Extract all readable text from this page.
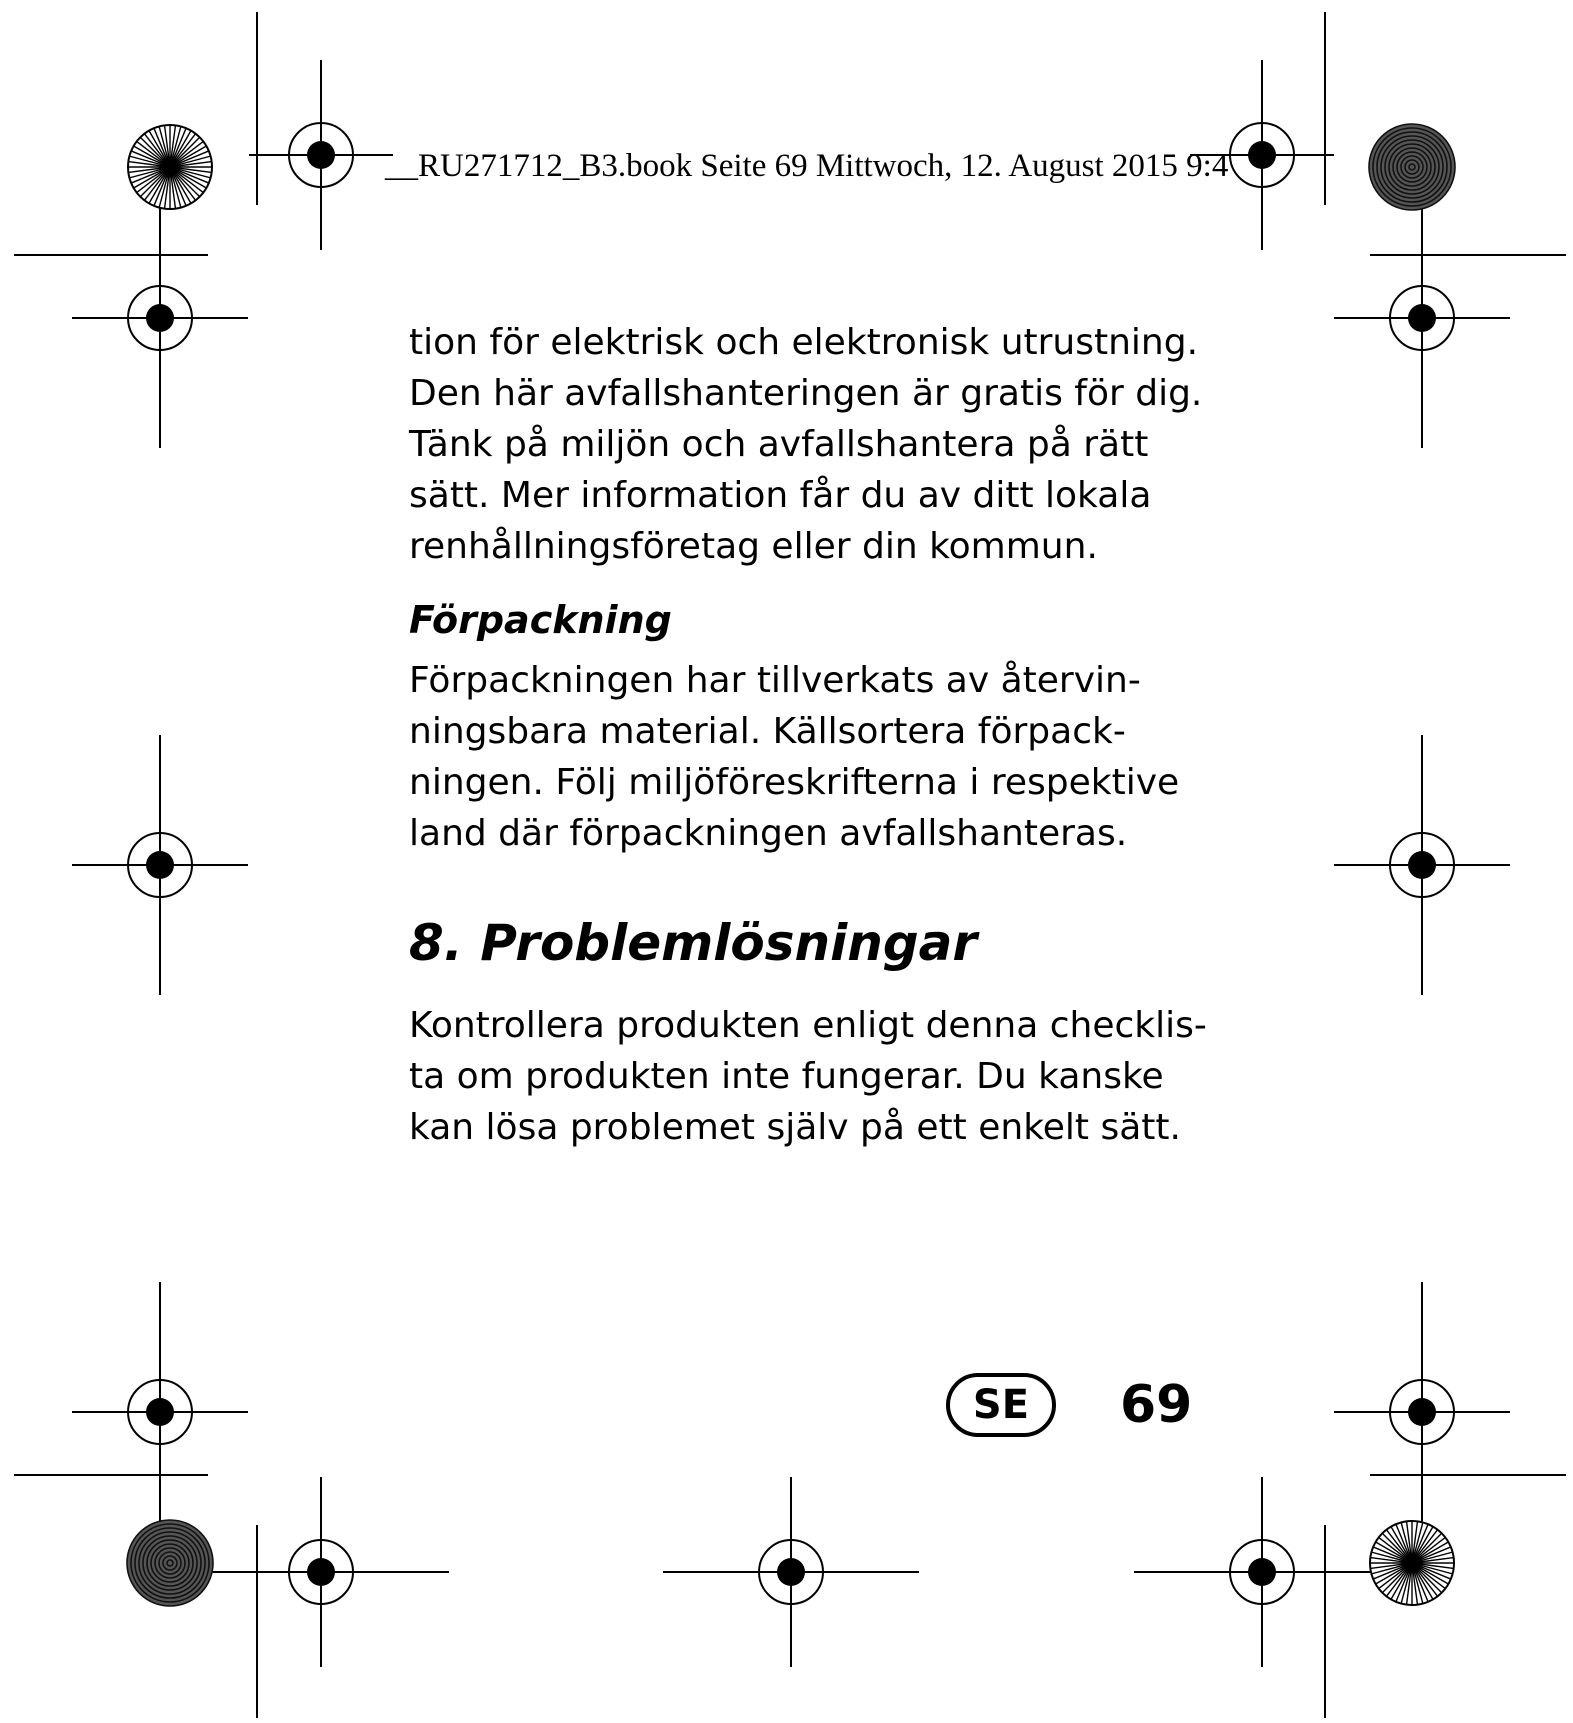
__RU271712_B3.book Seite 69 Mittwoch, 12. August 2015 9:4

tion för elektrisk och elektronisk utrustning.
Den här avfallshanteringen är gratis för dig.
Tänk på miljön och avfallshantera på rätt
sätt. Mer information får du av ditt lokala
renhållningsföretag eller din kommun.

Förpackning

Förpackningen har tillverkats av återvin-
ningsbara material. Källsortera förpack-
ningen. Följ miljöföreskrifterna i respektive
land där förpackningen avfallshanteras.

8. Problemlösningar

Kontrollera produkten enligt denna checklis-
ta om produkten inte fungerar. Du kanske
kan lösa problemet själv på ett enkelt sätt.

SE	69
